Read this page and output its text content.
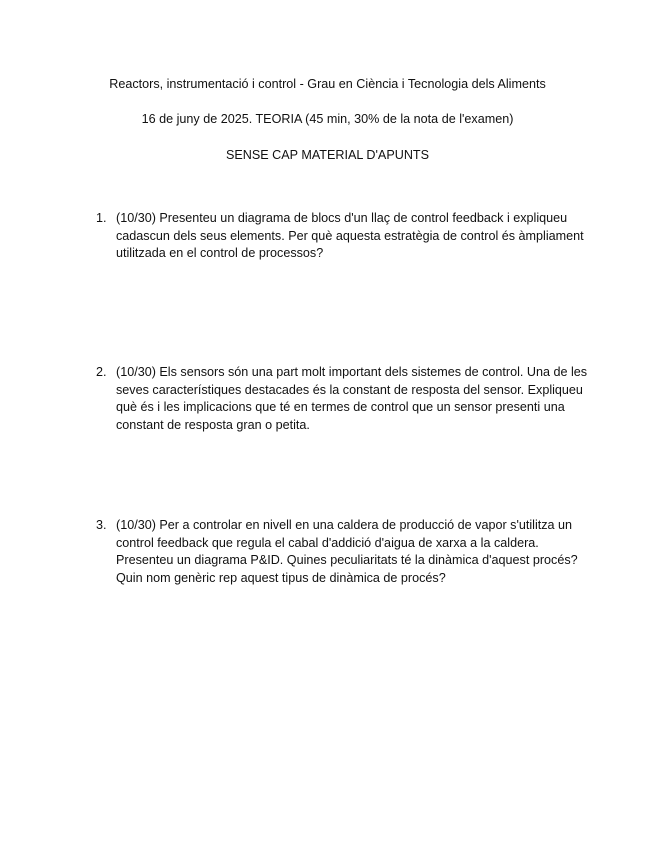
Reactors, instrumentació i control - Grau en Ciència i Tecnologia dels Aliments
16 de juny de 2025. TEORIA (45 min, 30% de la nota de l'examen)
SENSE CAP MATERIAL D'APUNTS
1. (10/30) Presenteu un diagrama de blocs d'un llaç de control feedback i expliqueu cadascun dels seus elements. Per què aquesta estratègia de control és àmpliament utilitzada en el control de processos?
2. (10/30) Els sensors són una part molt important dels sistemes de control. Una de les seves característiques destacades és la constant de resposta del sensor. Expliqueu què és i les implicacions que té en termes de control que un sensor presenti una constant de resposta gran o petita.
3. (10/30) Per a controlar en nivell en una caldera de producció de vapor s'utilitza un control feedback que regula el cabal d'addició d'aigua de xarxa a la caldera. Presenteu un diagrama P&ID. Quines peculiaritats té la dinàmica d'aquest procés? Quin nom genèric rep aquest tipus de dinàmica de procés?
